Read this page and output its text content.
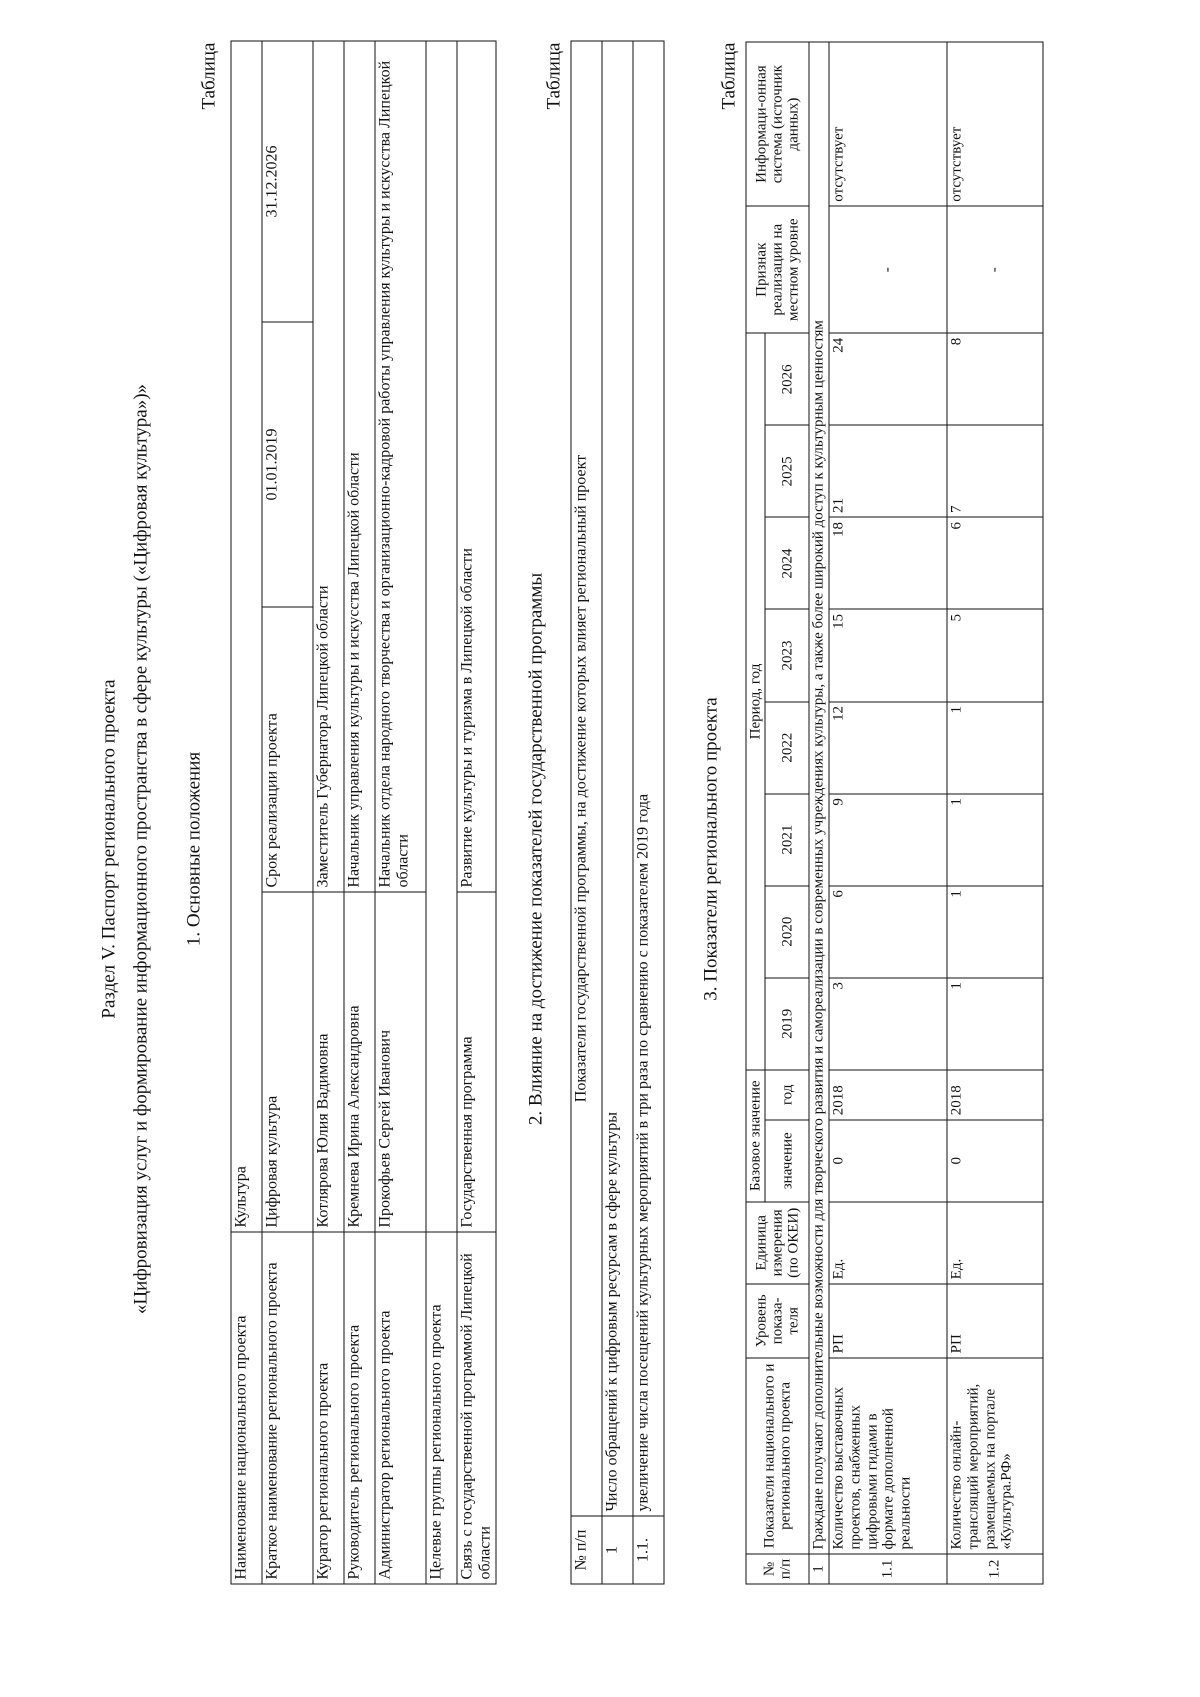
Раздел V. Паспорт регионального проекта «Цифровизация услуг и формирование информационного пространства в сфере культуры («Цифровая культура»)» 1. Основные положения
Таблица
Наименование национального проекта	Культура			
Краткое наименование регионального проекта	Цифровая культура	Срок реализации проекта	01.01.2019	31.12.2026
Куратор регионального проекта	Котлярова Юлия Вадимовна	Заместитель Губернатора Липецкой области		
Руководитель регионального проекта	Кремнева Ирина Александровна	Начальник управления культуры и искусства Липецкой области		
Администратор регионального проекта	Прокофьев Сергей Иванович	Начальник отдела народного творчества и организационно-кадровой работы управления культуры и искусства Липецкой области		
Целевые группы регионального проекта				
Связь с государственной программой Липецкой области	Государственная программа	Развитие культуры и туризма в Липецкой области			2. Влияние на достижение показателей государственной программы
Таблица
№ п/п	Показатели государственной программы, на достижение которых влияет региональный проект
1	Число обращений к цифровым ресурсам в сфере культуры
1.1.	увеличение числа посещений культурных мероприятий в три раза по сравнению с показателем 2019 года	3. Показатели регионального проекта
Таблица
№ п/п	Показатели национального и регионального проекта	Уровень показа-теля	Единица измерения (по ОКЕИ)	Базовое значение		Период, год								Признак реализации на местном уровне	Информаци-онная система (источник данных)
				значение	год	2019	2020	2021	2022	2023	2024	2025	2026		
1	Граждане получают дополнительные возможности для творческого развития и самореализации в современных учреждениях культуры, а также более широкий доступ к культурным ценностям														
1.1	Количество выставочных проектов, снабженных цифровыми гидами в формате дополненной реальности	РП	Ед.	0	2018	3	6	9	12	15	18	21	24	-	отсутствует
1.2	Количество онлайн-трансляций мероприятий, размещаемых на портале «Культура.РФ»	РП	Ед.	0	2018	1	1	1	1	5	6	7	8	-	отсутствует
